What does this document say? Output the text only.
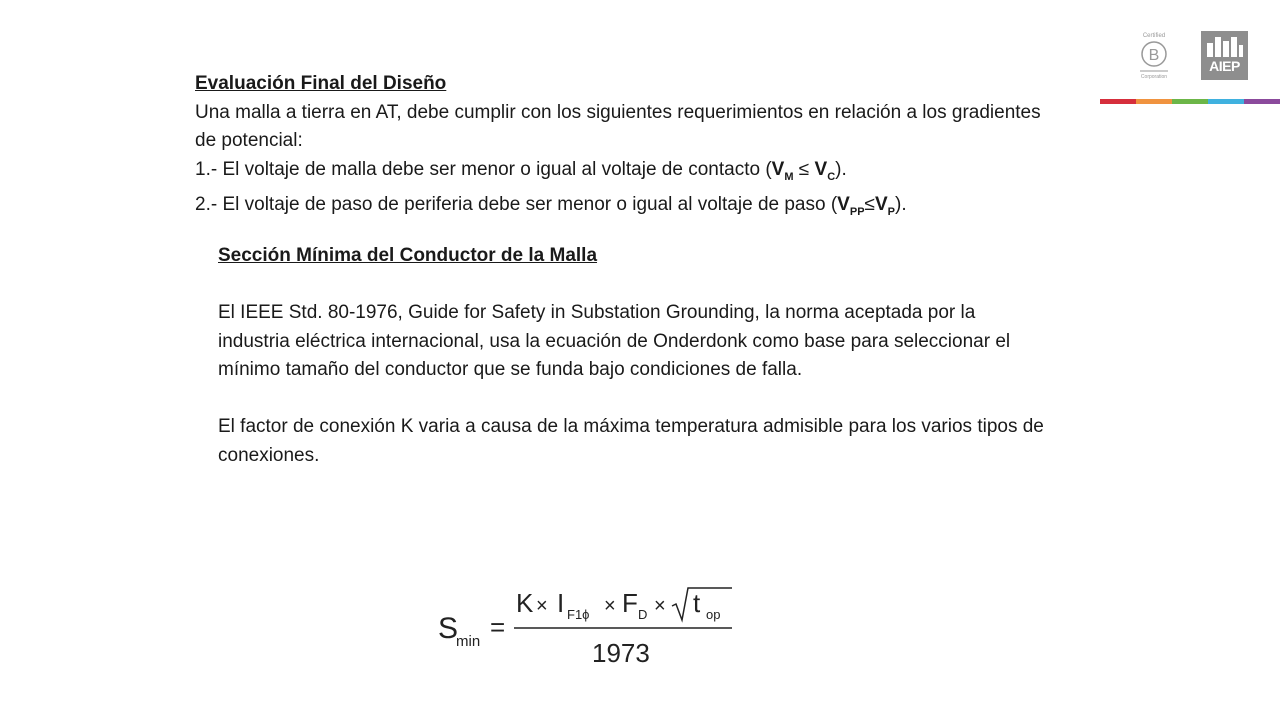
Evaluación Final del Diseño

Una malla a tierra en AT, debe cumplir con los siguientes requerimientos en relación a los gradientes de potencial:

1.- El voltaje de malla debe ser menor o igual al voltaje de contacto $(V_M \le V_C)$.

2.- El voltaje de paso de periferia debe ser menor o igual al voltaje de paso $(V_{PP}\le V_P)$.

Sección Mínima del Conductor de la Malla

El IEEE Std. 80-1976, Guide for Safety in Substation Grounding, la norma aceptada por la industria eléctrica internacional, usa la ecuación de Onderdonk como base para seleccionar el mínimo tamaño del conductor que se funda bajo condiciones de falla.

El factor de conexión K varia a causa de la máxima temperatura admisible para los varios tipos de conexiones.

Certified
B
Corporation
AIEP
S
min =
K × I F1ϕ × F D × t op
1973
